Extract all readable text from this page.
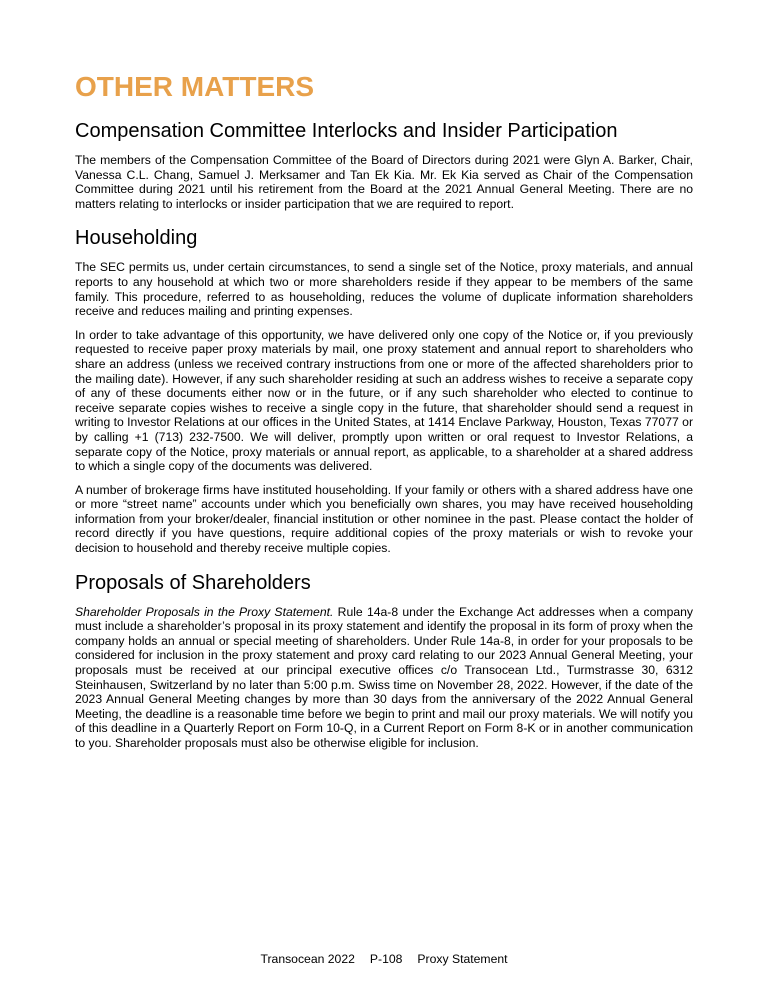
OTHER MATTERS
Compensation Committee Interlocks and Insider Participation

The members of the Compensation Committee of the Board of Directors during 2021 were Glyn A. Barker, Chair, Vanessa C.L. Chang, Samuel J. Merksamer and Tan Ek Kia. Mr. Ek Kia served as Chair of the Compensation Committee during 2021 until his retirement from the Board at the 2021 Annual General Meeting. There are no matters relating to interlocks or insider participation that we are required to report.

Householding

The SEC permits us, under certain circumstances, to send a single set of the Notice, proxy materials, and annual reports to any household at which two or more shareholders reside if they appear to be members of the same family. This procedure, referred to as householding, reduces the volume of duplicate information shareholders receive and reduces mailing and printing expenses.

In order to take advantage of this opportunity, we have delivered only one copy of the Notice or, if you previously requested to receive paper proxy materials by mail, one proxy statement and annual report to shareholders who share an address (unless we received contrary instructions from one or more of the affected shareholders prior to the mailing date). However, if any such shareholder residing at such an address wishes to receive a separate copy of any of these documents either now or in the future, or if any such shareholder who elected to continue to receive separate copies wishes to receive a single copy in the future, that shareholder should send a request in writing to Investor Relations at our offices in the United States, at 1414 Enclave Parkway, Houston, Texas 77077 or by calling +1 (713) 232-7500. We will deliver, promptly upon written or oral request to Investor Relations, a separate copy of the Notice, proxy materials or annual report, as applicable, to a shareholder at a shared address to which a single copy of the documents was delivered.

A number of brokerage firms have instituted householding. If your family or others with a shared address have one or more “street name” accounts under which you beneficially own shares, you may have received householding information from your broker/dealer, financial institution or other nominee in the past. Please contact the holder of record directly if you have questions, require additional copies of the proxy materials or wish to revoke your decision to household and thereby receive multiple copies.

Proposals of Shareholders

Shareholder Proposals in the Proxy Statement. Rule 14a-8 under the Exchange Act addresses when a company must include a shareholder’s proposal in its proxy statement and identify the proposal in its form of proxy when the company holds an annual or special meeting of shareholders. Under Rule 14a-8, in order for your proposals to be considered for inclusion in the proxy statement and proxy card relating to our 2023 Annual General Meeting, your proposals must be received at our principal executive offices c/o Transocean Ltd., Turmstrasse 30, 6312 Steinhausen, Switzerland by no later than 5:00 p.m. Swiss time on November 28, 2022. However, if the date of the 2023 Annual General Meeting changes by more than 30 days from the anniversary of the 2022 Annual General Meeting, the deadline is a reasonable time before we begin to print and mail our proxy materials. We will notify you of this deadline in a Quarterly Report on Form 10-Q, in a Current Report on Form 8-K or in another communication to you. Shareholder proposals must also be otherwise eligible for inclusion.

Transocean 2022 P-108 Proxy Statement
